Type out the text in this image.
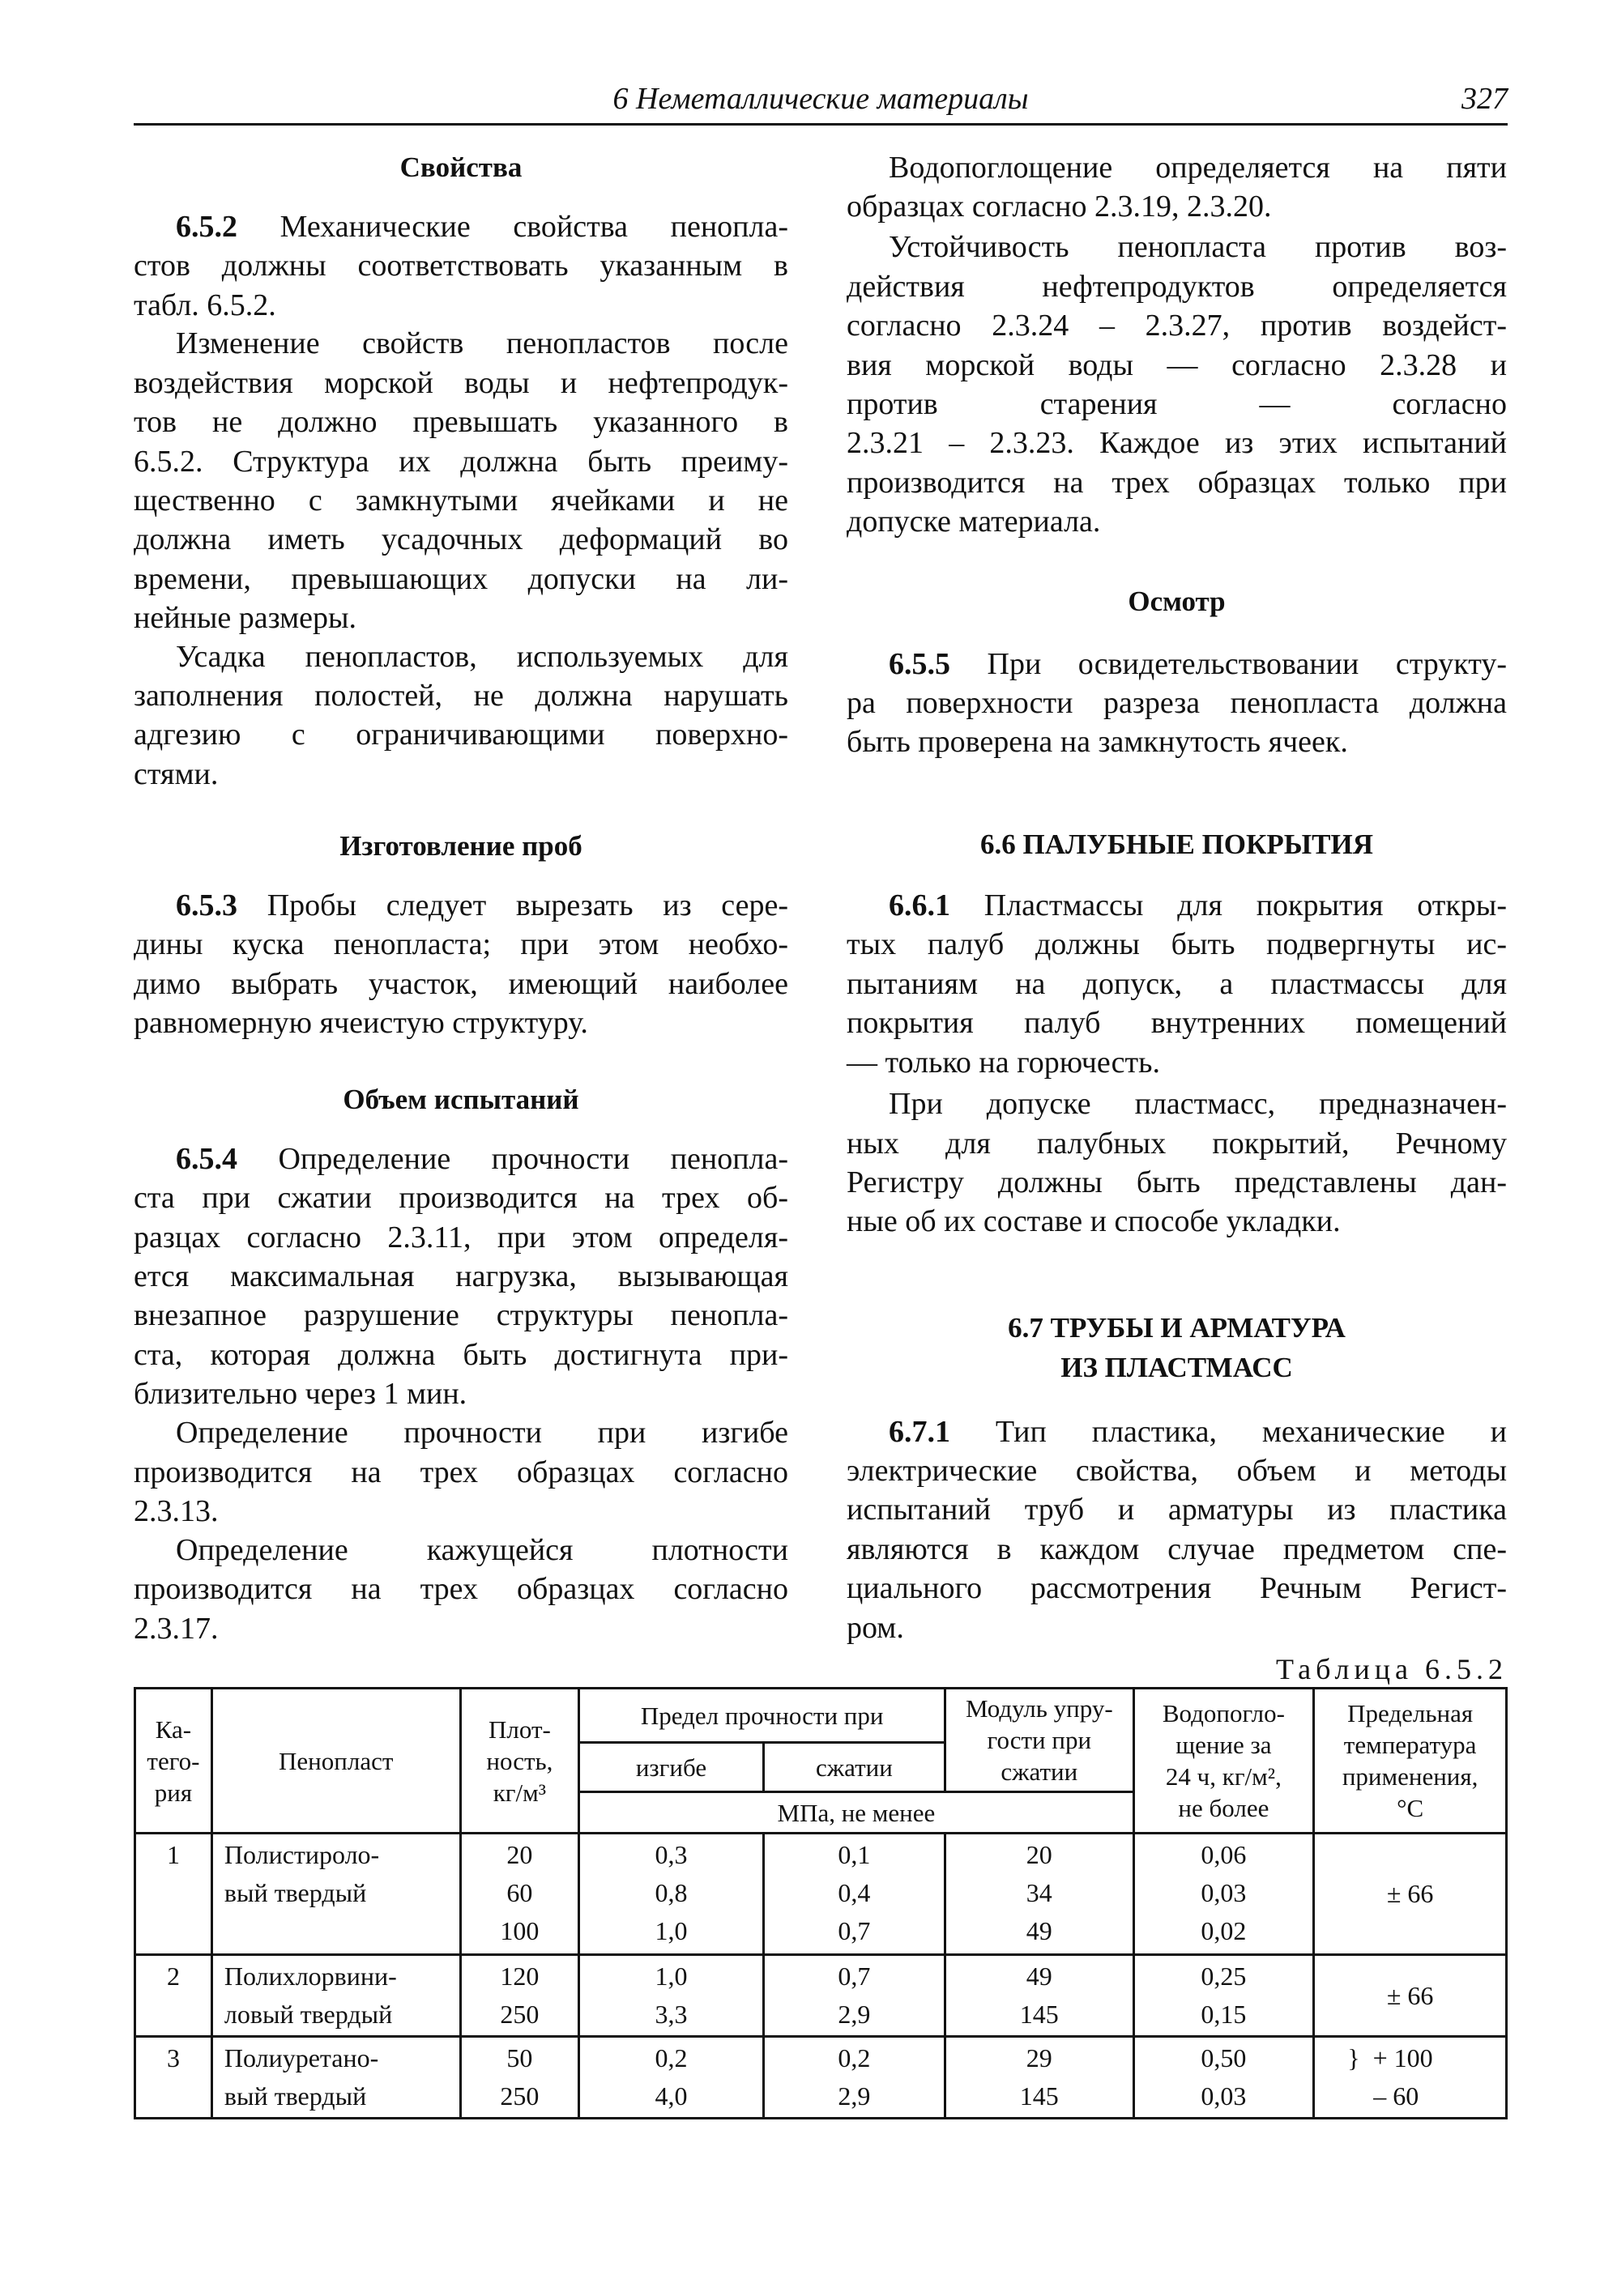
6 Неметаллические материалы	327
Свойства
6.5.2 Механические свойства пенопла-
стов должны соответствовать указанным в
табл. 6.5.2.
Изменение свойств пенопластов после
воздействия морской воды и нефтепродук-
тов не должно превышать указанного в
6.5.2. Структура их должна быть преиму-
щественно с замкнутыми ячейками и не
должна иметь усадочных деформаций во
времени, превышающих допуски на ли-
нейные размеры.
Усадка пенопластов, используемых для
заполнения полостей, не должна нарушать
адгезию с ограничивающими поверхно-
стями.
Изготовление проб
6.5.3 Пробы следует вырезать из сере-
дины куска пенопласта; при этом необхо-
димо выбрать участок, имеющий наиболее
равномерную ячеистую структуру.
Объем испытаний
6.5.4 Определение прочности пенопла-
ста при сжатии производится на трех об-
разцах согласно 2.3.11, при этом определя-
ется максимальная нагрузка, вызывающая
внезапное разрушение структуры пенопла-
ста, которая должна быть достигнута при-
близительно через 1 мин.
Определение прочности при изгибе
производится на трех образцах согласно
2.3.13.
Определение кажущейся плотности
производится на трех образцах согласно
2.3.17.
Водопоглощение определяется на пяти
образцах согласно 2.3.19, 2.3.20.
Устойчивость пенопласта против воз-
действия нефтепродуктов определяется
согласно 2.3.24 – 2.3.27, против воздейст-
вия морской воды — согласно 2.3.28 и
против старения — согласно
2.3.21 – 2.3.23. Каждое из этих испытаний
производится на трех образцах только при
допуске материала.
Осмотр
6.5.5 При освидетельствовании структу-
ра поверхности разреза пенопласта должна
быть проверена на замкнутость ячеек.
6.6 ПАЛУБНЫЕ ПОКРЫТИЯ
6.6.1 Пластмассы для покрытия откры-
тых палуб должны быть подвергнуты ис-
пытаниям на допуск, а пластмассы для
покрытия палуб внутренних помещений
— только на горючесть.
При допуске пластмасс, предназначен-
ных для палубных покрытий, Речному
Регистру должны быть представлены дан-
ные об их составе и способе укладки.
6.7 ТРУБЫ И АРМАТУРА
ИЗ ПЛАСТМАСС
6.7.1 Тип пластика, механические и
электрические свойства, объем и методы
испытаний труб и арматуры из пластика
являются в каждом случае предметом спе-
циального рассмотрения Речным Регист-
ром.
Таблица 6.5.2
Ка-
тего-
рия	Пенопласт	Плот-
ность,
кг/м³	Предел прочности при		Модуль упру-
гости при
сжатии	Водопогло-
щение за
24 ч, кг/м²,
не более	Предельная
температура
применения,
°С
			изгибе	сжатии			
			МПа, не менее				
1	Полистироло-
вый твердый	20
60
100	0,3
0,8
1,0	0,1
0,4
0,7	20
34
49	0,06
0,03
0,02	± 66
2	Полихлорвини-
ловый твердый	120
250	1,0
3,3	0,7
2,9	49
145	0,25
0,15	± 66
3	Полиуретано-
вый твердый	50
250	0,2
4,0	0,2
2,9	29
145	0,50
0,03	}  + 100
– 60
